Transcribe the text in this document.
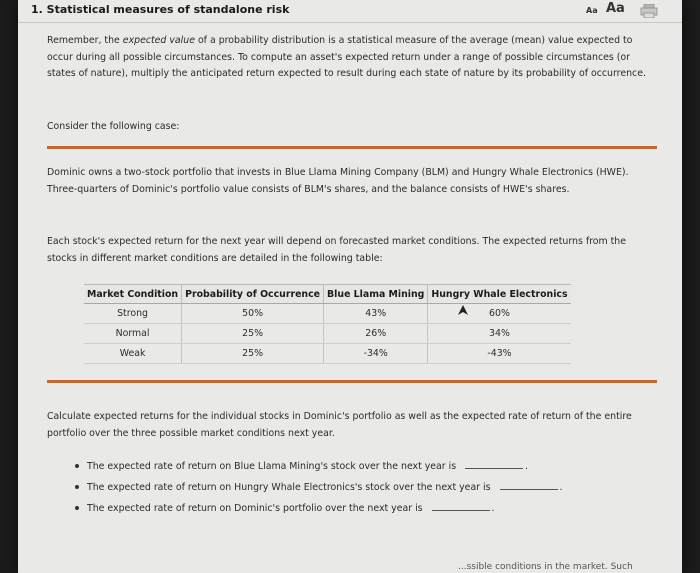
1. Statistical measures of standalone risk	Aa Aa
Remember, the expected value of a probability distribution is a statistical measure of the average (mean) value expected to occur during all possible circumstances. To compute an asset's expected return under a range of possible circumstances (or states of nature), multiply the anticipated return expected to result during each state of nature by its probability of occurrence.
Consider the following case:
Dominic owns a two-stock portfolio that invests in Blue Llama Mining Company (BLM) and Hungry Whale Electronics (HWE). Three-quarters of Dominic's portfolio value consists of BLM's shares, and the balance consists of HWE's shares.
Each stock's expected return for the next year will depend on forecasted market conditions. The expected returns from the stocks in different market conditions are detailed in the following table:
Market Condition	Probability of Occurrence	Blue Llama Mining	Hungry Whale Electronics
Strong	50%	43%	60%
Normal	25%	26%	34%
Weak	25%	-34%	-43%
Calculate expected returns for the individual stocks in Dominic's portfolio as well as the expected rate of return of the entire portfolio over the three possible market conditions next year.
The expected rate of return on Blue Llama Mining's stock over the next year is	.
The expected rate of return on Hungry Whale Electronics's stock over the next year is	.
The expected rate of return on Dominic's portfolio over the next year is	.
...ssible conditions in the market. Such
